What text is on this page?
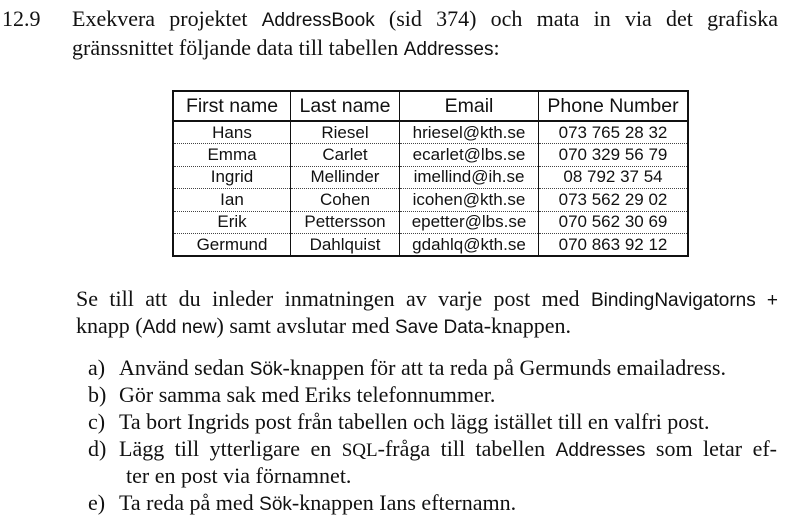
12.9 Exekvera projektet AddressBook (sid 374) och mata in via det grafiska
gränssnittet följande data till tabellen Addresses:
First name	Last name	Email	Phone Number
Hans	Riesel	hriesel@kth.se	073 765 28 32
Emma	Carlet	ecarlet@lbs.se	070 329 56 79
Ingrid	Mellinder	imellind@ih.se	08 792 37 54
Ian	Cohen	icohen@kth.se	073 562 29 02
Erik	Pettersson	epetter@lbs.se	070 562 30 69
Germund	Dahlquist	gdahlq@kth.se	070 863 92 12
Se till att du inleder inmatningen av varje post med BindingNavigatorns +
knapp (Add new) samt avslutar med Save Data-knappen.
a) Använd sedan Sök-knappen för att ta reda på Germunds emailadress.
b) Gör samma sak med Eriks telefonnummer.
c) Ta bort Ingrids post från tabellen och lägg istället till en valfri post.
d) Lägg till ytterligare en SQL-fråga till tabellen Addresses som letar ef-
ter en post via förnamnet.
e) Ta reda på med Sök-knappen Ians efternamn.
